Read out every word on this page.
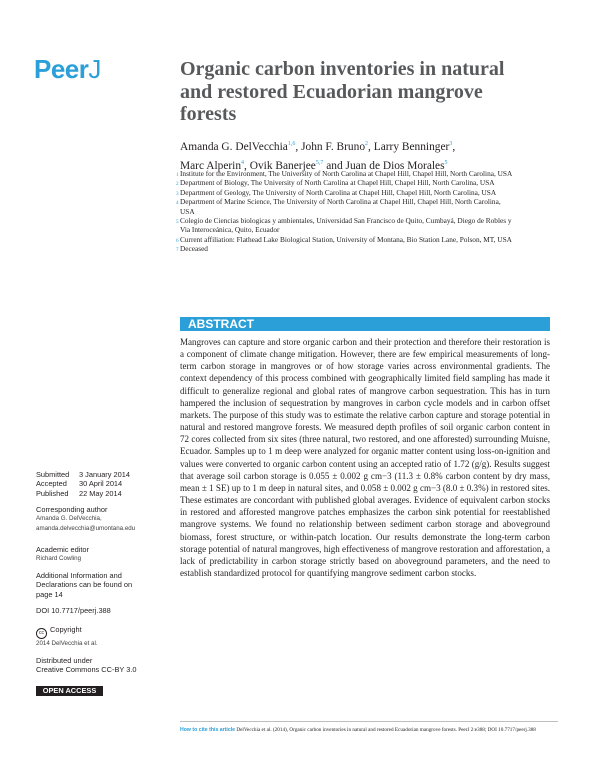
PeerJ	Organic carbon inventories in natural and restored Ecuadorian mangrove forests
Amanda G. DelVecchia$^{1,6}$, John F. Bruno$^2$, Larry Benninger$^3$,
Marc Alperin$^4$, Ovik Banerjee$^{5,7}$ and Juan de Dios Morales$^5$
1 Institute for the Environment, The University of North Carolina at Chapel Hill, Chapel Hill, North Carolina, USA
2 Department of Biology, The University of North Carolina at Chapel Hill, Chapel Hill, North Carolina, USA
3 Department of Geology, The University of North Carolina at Chapel Hill, Chapel Hill, North Carolina, USA
4 Department of Marine Science, The University of North Carolina at Chapel Hill, Chapel Hill, North Carolina, USA
5 Colegio de Ciencias biologicas y ambientales, Universidad San Francisco de Quito, Cumbayá, Diego de Robles y Via Interoceánica, Quito, Ecuador
6 Current affiliation: Flathead Lake Biological Station, University of Montana, Bio Station Lane, Polson, MT, USA
7 Deceased
ABSTRACT

Mangroves can capture and store organic carbon and their protection and therefore their restoration is a component of climate change mitigation. However, there are few empirical measurements of long-term carbon storage in mangroves or of how storage varies across environmental gradients. The context dependency of this process combined with geographically limited field sampling has made it difficult to generalize regional and global rates of mangrove carbon sequestration. This has in turn hampered the inclusion of sequestration by mangroves in carbon cycle models and in carbon offset markets. The purpose of this study was to estimate the relative carbon capture and storage potential in natural and restored mangrove forests. We measured depth profiles of soil organic carbon content in 72 cores collected from six sites (three natural, two restored, and one afforested) surrounding Muisne, Ecuador. Samples up to 1 m deep were analyzed for organic matter content using loss-on-ignition and values were converted to organic carbon content using an accepted ratio of 1.72 (g/g). Results suggest that average soil carbon storage is 0.055 ± 0.002 g cm−3 (11.3 ± 0.8% carbon content by dry mass, mean ± 1 SE) up to 1 m deep in natural sites, and 0.058 ± 0.002 g cm−3 (8.0 ± 0.3%) in restored sites. These estimates are concordant with published global averages. Evidence of equivalent carbon stocks in restored and afforested mangrove patches emphasizes the carbon sink potential for reestablished mangrove systems. We found no relationship between sediment carbon storage and aboveground biomass, forest structure, or within-patch location. Our results demonstrate the long-term carbon storage potential of natural mangroves, high effectiveness of mangrove restoration and afforestation, a lack of predictability in carbon storage strictly based on aboveground parameters, and the need to establish standardized protocol for quantifying mangrove sediment carbon stocks.

Submitted 3 January 2014
Accepted 30 April 2014
Published 22 May 2014
Corresponding author
Amanda G. DelVecchia,
amanda.delvecchia@umontana.edu
Academic editor
Richard Cowling
Additional Information and Declarations can be found on page 14
DOI 10.7717/peerj.388
cc Copyright
2014 DelVecchia et al.
Distributed under
Creative Commons CC-BY 3.0
OPEN ACCESS
How to cite this article DelVecchia et al. (2014), Organic carbon inventories in natural and restored Ecuadorian mangrove forests. PeerJ 2:e388; DOI 10.7717/peerj.388
